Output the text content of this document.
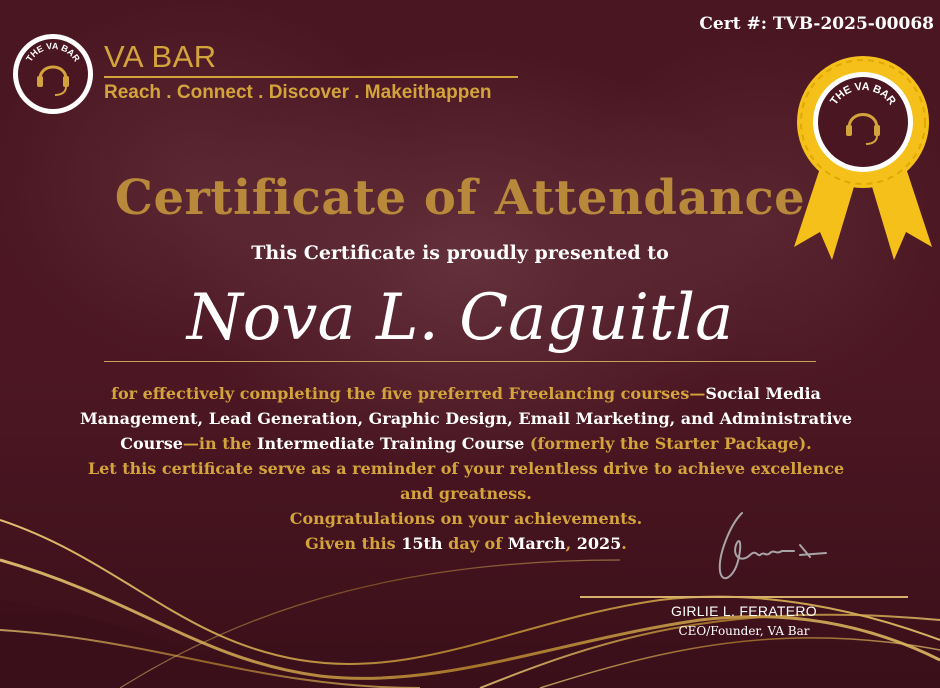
Cert #: TVB-2025-00068
THE VA BAR VA BAR
Reach . Connect . Discover . Makeithappen	THE VA BAR
Certificate of Attendance
This Certificate is proudly presented to
Nova L. Caguitla
for effectively completing the five preferred Freelancing courses—Social Media Management, Lead Generation, Graphic Design, Email Marketing, and Administrative Course—in the Intermediate Training Course (formerly the Starter Package).
Let this certificate serve as a reminder of your relentless drive to achieve excellence and greatness.
Congratulations on your achievements.
Given this 15th day of March, 2025.
GIRLIE L. FERATERO
CEO/Founder, VA Bar
